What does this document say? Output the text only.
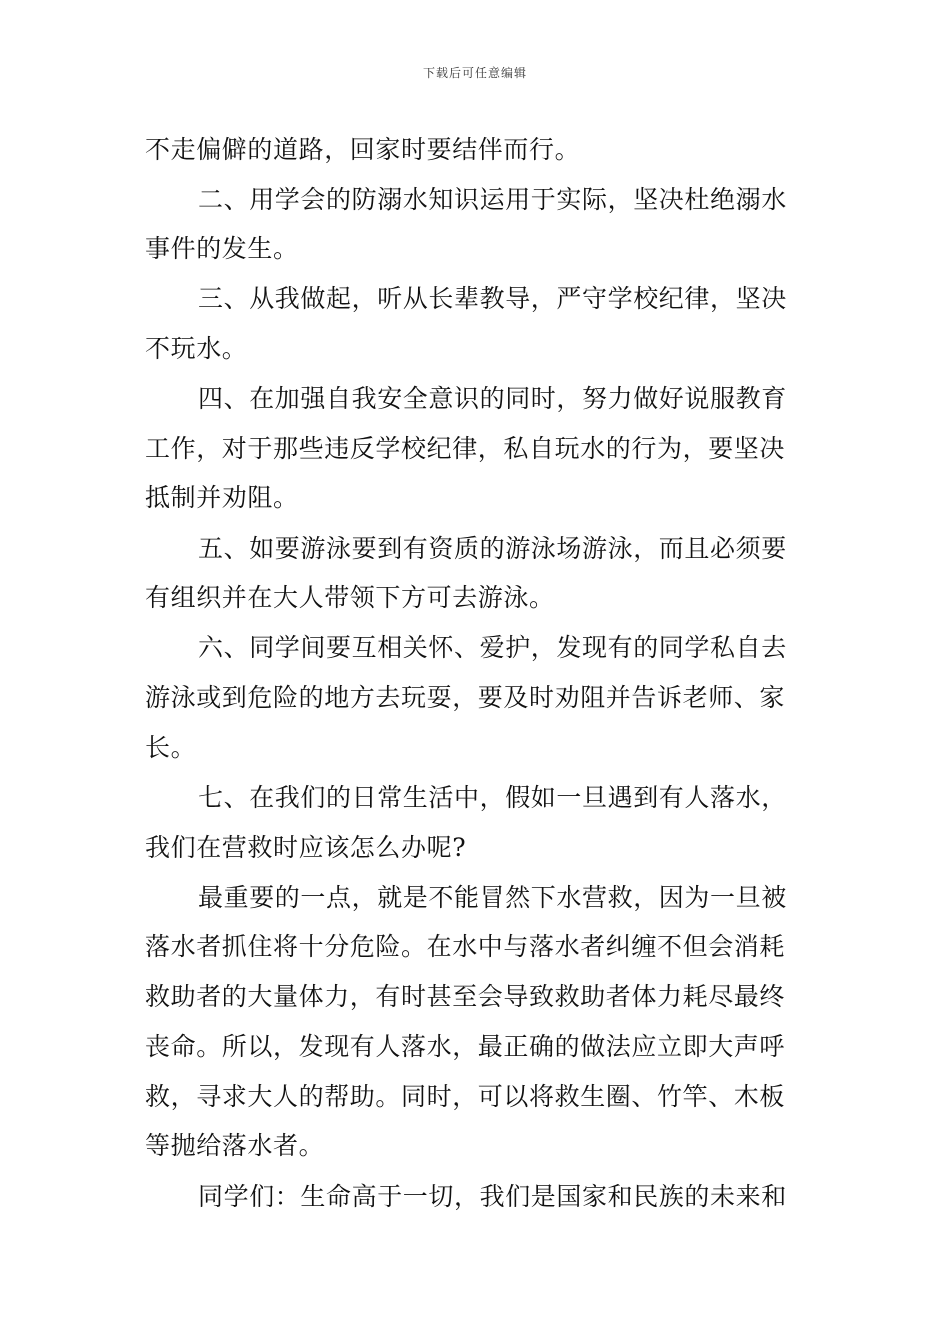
下载后可任意编辑
不走偏僻的道路，回家时要结伴而行。
二、用学会的防溺水知识运用于实际，坚决杜绝溺水
事件的发生。
三、从我做起，听从长辈教导，严守学校纪律，坚决
不玩水。
四、在加强自我安全意识的同时，努力做好说服教育
工作，对于那些违反学校纪律，私自玩水的行为，要坚决
抵制并劝阻。
五、如要游泳要到有资质的游泳场游泳，而且必须要
有组织并在大人带领下方可去游泳。
六、同学间要互相关怀、爱护，发现有的同学私自去
游泳或到危险的地方去玩耍，要及时劝阻并告诉老师、家
长。
七、在我们的日常生活中，假如一旦遇到有人落水，
我们在营救时应该怎么办呢?
最重要的一点，就是不能冒然下水营救，因为一旦被
落水者抓住将十分危险。在水中与落水者纠缠不但会消耗
救助者的大量体力，有时甚至会导致救助者体力耗尽最终
丧命。所以，发现有人落水，最正确的做法应立即大声呼
救，寻求大人的帮助。同时，可以将救生圈、竹竿、木板
等抛给落水者。
同学们：生命高于一切，我们是国家和民族的未来和
